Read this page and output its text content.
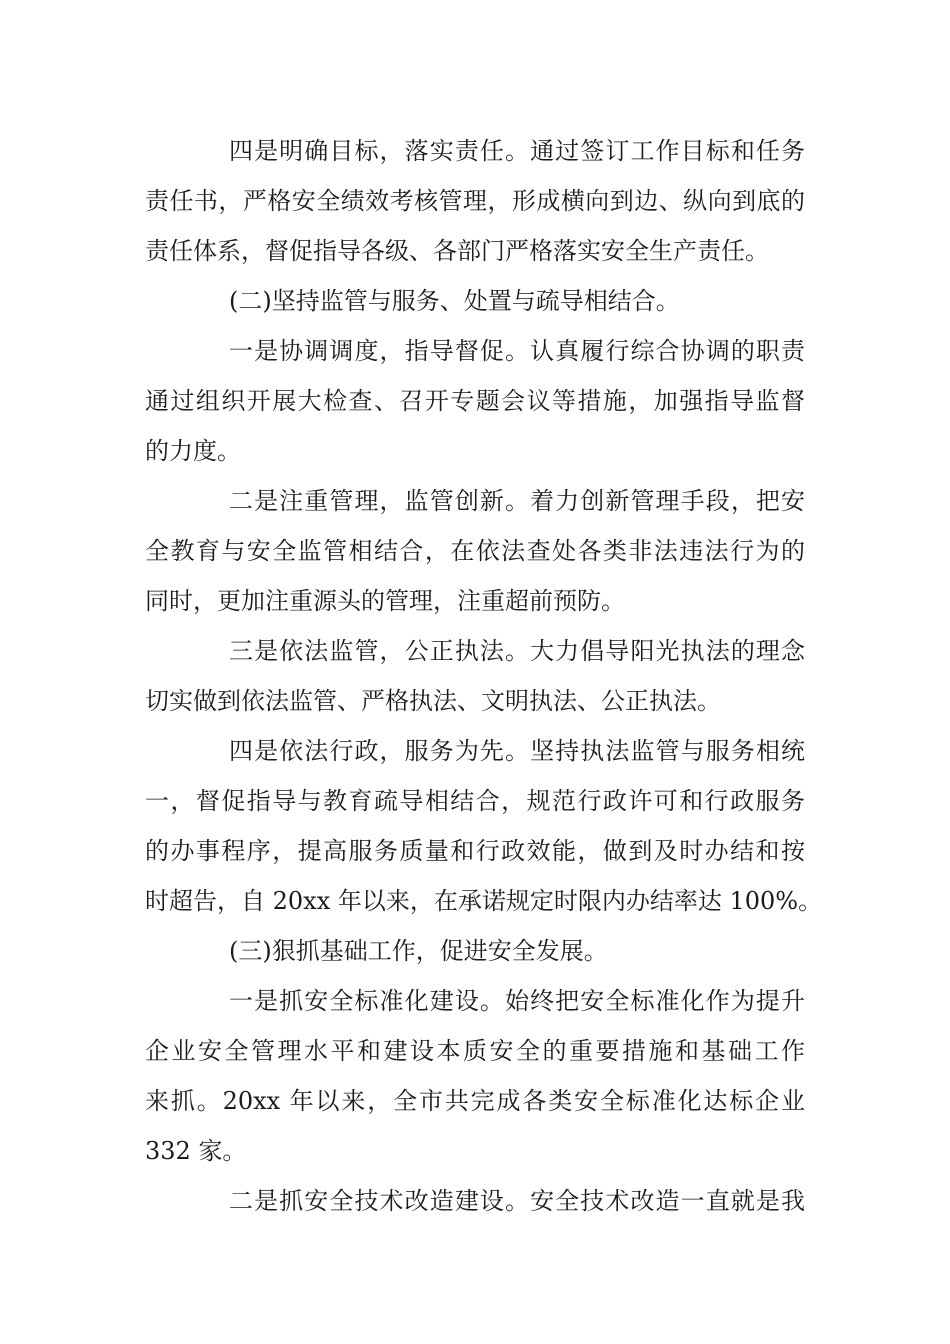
四是明确目标，落实责任。通过签订工作目标和任务
责任书，严格安全绩效考核管理，形成横向到边、纵向到底的
责任体系，督促指导各级、各部门严格落实安全生产责任。
(二)坚持监管与服务、处置与疏导相结合。
一是协调调度，指导督促。认真履行综合协调的职责
通过组织开展大检查、召开专题会议等措施，加强指导监督
的力度。
二是注重管理，监管创新。着力创新管理手段，把安
全教育与安全监管相结合，在依法查处各类非法违法行为的
同时，更加注重源头的管理，注重超前预防。
三是依法监管，公正执法。大力倡导阳光执法的理念
切实做到依法监管、严格执法、文明执法、公正执法。
四是依法行政，服务为先。坚持执法监管与服务相统
一，督促指导与教育疏导相结合，规范行政许可和行政服务
的办事程序，提高服务质量和行政效能，做到及时办结和按
时超告，自 20xx 年以来，在承诺规定时限内办结率达 100%。
(三)狠抓基础工作，促进安全发展。
一是抓安全标准化建设。始终把安全标准化作为提升
企业安全管理水平和建设本质安全的重要措施和基础工作
来抓。20xx 年以来，全市共完成各类安全标准化达标企业
332 家。
二是抓安全技术改造建设。安全技术改造一直就是我
